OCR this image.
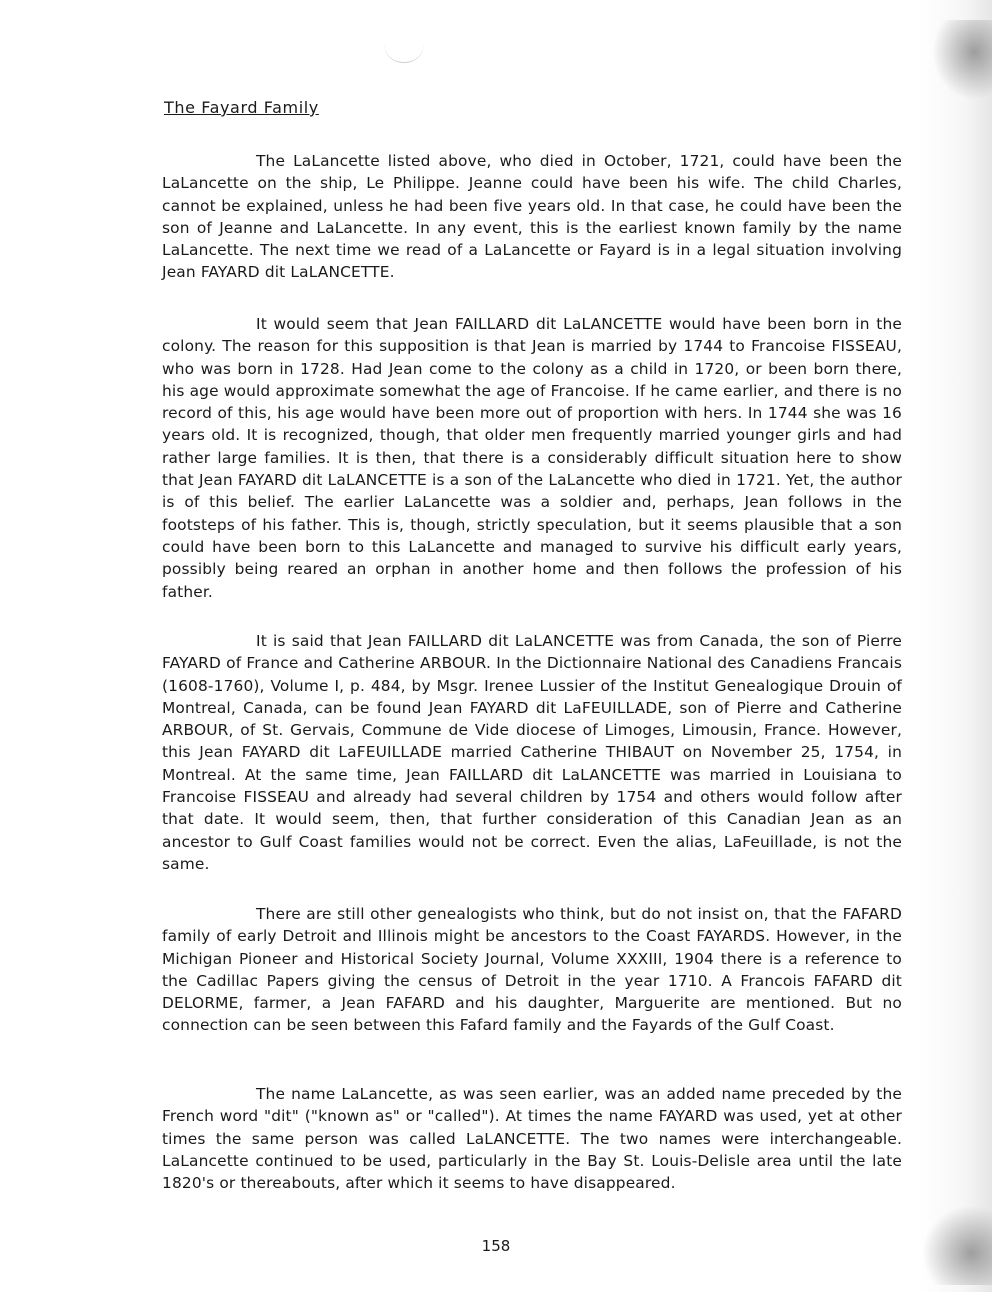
The Fayard Family
The LaLancette listed above, who died in October, 1721, could have been the LaLancette on the ship, Le Philippe. Jeanne could have been his wife. The child Charles, cannot be explained, unless he had been five years old. In that case, he could have been the son of Jeanne and LaLancette. In any event, this is the earliest known family by the name LaLancette. The next time we read of a LaLancette or Fayard is in a legal situation involving Jean FAYARD dit LaLANCETTE.
It would seem that Jean FAILLARD dit LaLANCETTE would have been born in the colony. The reason for this supposition is that Jean is married by 1744 to Francoise FISSEAU, who was born in 1728. Had Jean come to the colony as a child in 1720, or been born there, his age would approximate somewhat the age of Francoise. If he came earlier, and there is no record of this, his age would have been more out of proportion with hers. In 1744 she was 16 years old. It is recognized, though, that older men frequently married younger girls and had rather large families. It is then, that there is a considerably difficult situation here to show that Jean FAYARD dit LaLANCETTE is a son of the LaLancette who died in 1721. Yet, the author is of this belief. The earlier LaLancette was a soldier and, perhaps, Jean follows in the footsteps of his father. This is, though, strictly speculation, but it seems plausible that a son could have been born to this LaLancette and managed to survive his difficult early years, possibly being reared an orphan in another home and then follows the profession of his father.
It is said that Jean FAILLARD dit LaLANCETTE was from Canada, the son of Pierre FAYARD of France and Catherine ARBOUR. In the Dictionnaire National des Canadiens Francais (1608-1760), Volume I, p. 484, by Msgr. Irenee Lussier of the Institut Genealogique Drouin of Montreal, Canada, can be found Jean FAYARD dit LaFEUILLADE, son of Pierre and Catherine ARBOUR, of St. Gervais, Commune de Vide diocese of Limoges, Limousin, France. However, this Jean FAYARD dit LaFEUILLADE married Catherine THIBAUT on November 25, 1754, in Montreal. At the same time, Jean FAILLARD dit LaLANCETTE was married in Louisiana to Francoise FISSEAU and already had several children by 1754 and others would follow after that date. It would seem, then, that further consideration of this Canadian Jean as an ancestor to Gulf Coast families would not be correct. Even the alias, LaFeuillade, is not the same.
There are still other genealogists who think, but do not insist on, that the FAFARD family of early Detroit and Illinois might be ancestors to the Coast FAYARDS. However, in the Michigan Pioneer and Historical Society Journal, Volume XXXIII, 1904 there is a reference to the Cadillac Papers giving the census of Detroit in the year 1710. A Francois FAFARD dit DELORME, farmer, a Jean FAFARD and his daughter, Marguerite are mentioned. But no connection can be seen between this Fafard family and the Fayards of the Gulf Coast.
The name LaLancette, as was seen earlier, was an added name preceded by the French word "dit" ("known as" or "called"). At times the name FAYARD was used, yet at other times the same person was called LaLANCETTE. The two names were interchangeable. LaLancette continued to be used, particularly in the Bay St. Louis-Delisle area until the late 1820's or thereabouts, after which it seems to have disappeared.
158
